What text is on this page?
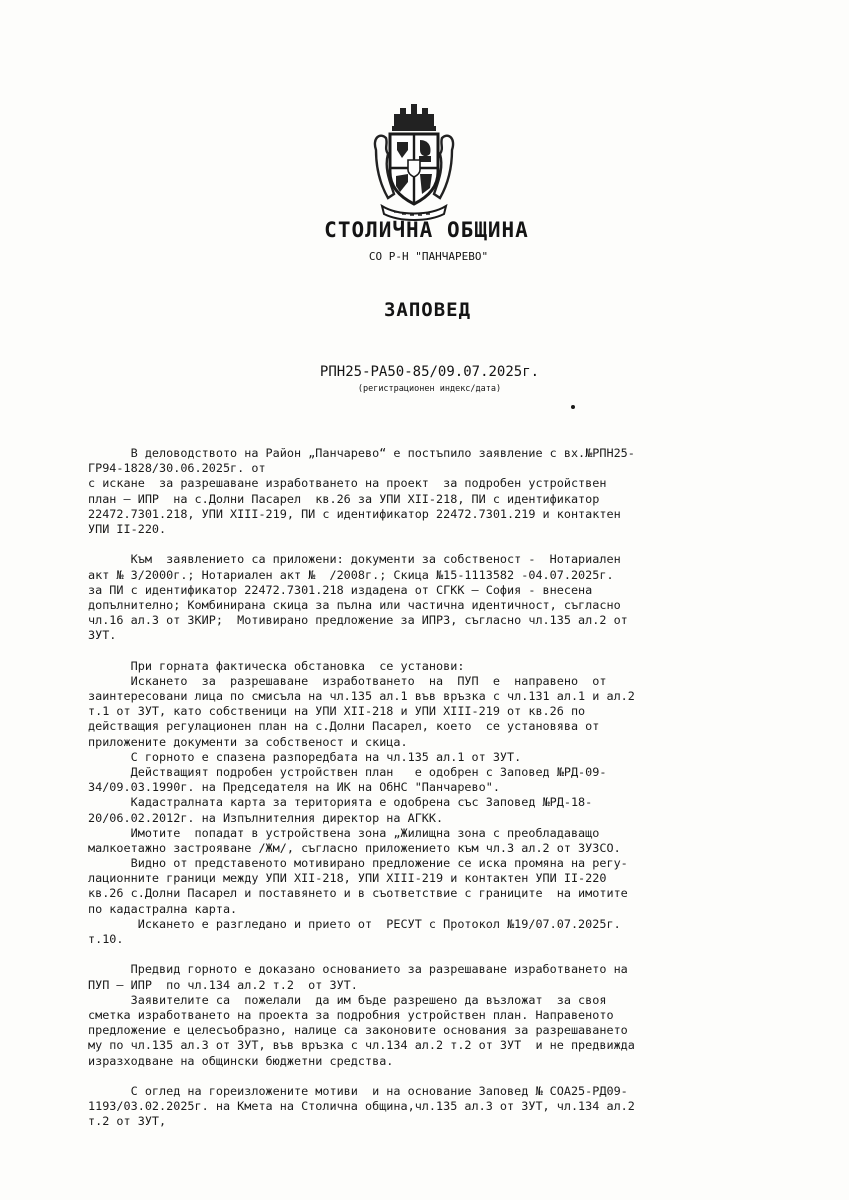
СТОЛИЧНА ОБЩИНА
СО Р-Н "ПАНЧАРЕВО"
ЗАПОВЕД
РПН25-РА50-85/09.07.2025г.
(регистрационен индекс/дата)
В деловодството на Район „Панчарево“ е постъпило заявление с вх.№РПН25-
ГР94-1828/30.06.2025г. от
с искане  за разрешаване изработването на проект  за подробен устройствен
план – ИПР  на с.Долни Пасарел  кв.26 за УПИ XII-218, ПИ с идентификатор
22472.7301.218, УПИ XIII-219, ПИ с идентификатор 22472.7301.219 и контактен
УПИ II-220.
Към  заявлението са приложени: документи за собственост -  Нотариален
акт № 3/2000г.; Нотариален акт №  /2008г.; Скица №15-1113582 -04.07.2025г.
за ПИ с идентификатор 22472.7301.218 издадена от СГКК – София - внесена
допълнително; Комбинирана скица за пълна или частична идентичност, съгласно
чл.16 ал.3 от ЗКИР;  Мотивирано предложение за ИПРЗ, съгласно чл.135 ал.2 от
ЗУТ.
При горната фактическа обстановка  се установи:
Искането  за  разрешаване  изработването  на  ПУП  е  направено  от
заинтересовани лица по смисъла на чл.135 ал.1 във връзка с чл.131 ал.1 и ал.2
т.1 от ЗУТ, като собственици на УПИ XII-218 и УПИ XIII-219 от кв.26 по
действащия регулационен план на с.Долни Пасарел, което  се установява от
приложените документи за собственост и скица.
С горното е спазена разпоредбата на чл.135 ал.1 от ЗУТ.
Действащият подробен устройствен план   е одобрен с Заповед №РД-09-
34/09.03.1990г. на Председателя на ИК на ОбНС "Панчарево".
Кадастралната карта за територията е одобрена със Заповед №РД-18-
20/06.02.2012г. на Изпълнителния директор на АГКК.
Имотите  попадат в устройствена зона „Жилищна зона с преобладаващо
малкоетажно застрояване /Жм/, съгласно приложението към чл.3 ал.2 от ЗУЗСО.
Видно от представеното мотивирано предложение се иска промяна на регу-
лационните граници между УПИ XII-218, УПИ XIII-219 и контактен УПИ II-220
кв.26 с.Долни Пасарел и поставянето и в съответствие с границите  на имотите
по кадастрална карта.
Искането е разгледано и прието от  РЕСУТ с Протокол №19/07.07.2025г.
т.10.
Предвид горното е доказано основанието за разрешаване изработването на
ПУП – ИПР  по чл.134 ал.2 т.2  от ЗУТ.
Заявителите са  пожелали  да им бъде разрешено да възложат  за своя
сметка изработването на проекта за подробния устройствен план. Направеното
предложение е целесъобразно, налице са законовите основания за разрешаването
му по чл.135 ал.3 от ЗУТ, във връзка с чл.134 ал.2 т.2 от ЗУТ  и не предвижда
изразходване на общински бюджетни средства.
С оглед на гореизложените мотиви  и на основание Заповед № СОА25-РД09-
1193/03.02.2025г. на Кмета на Столична община,чл.135 ал.3 от ЗУТ, чл.134 ал.2
т.2 от ЗУТ,
